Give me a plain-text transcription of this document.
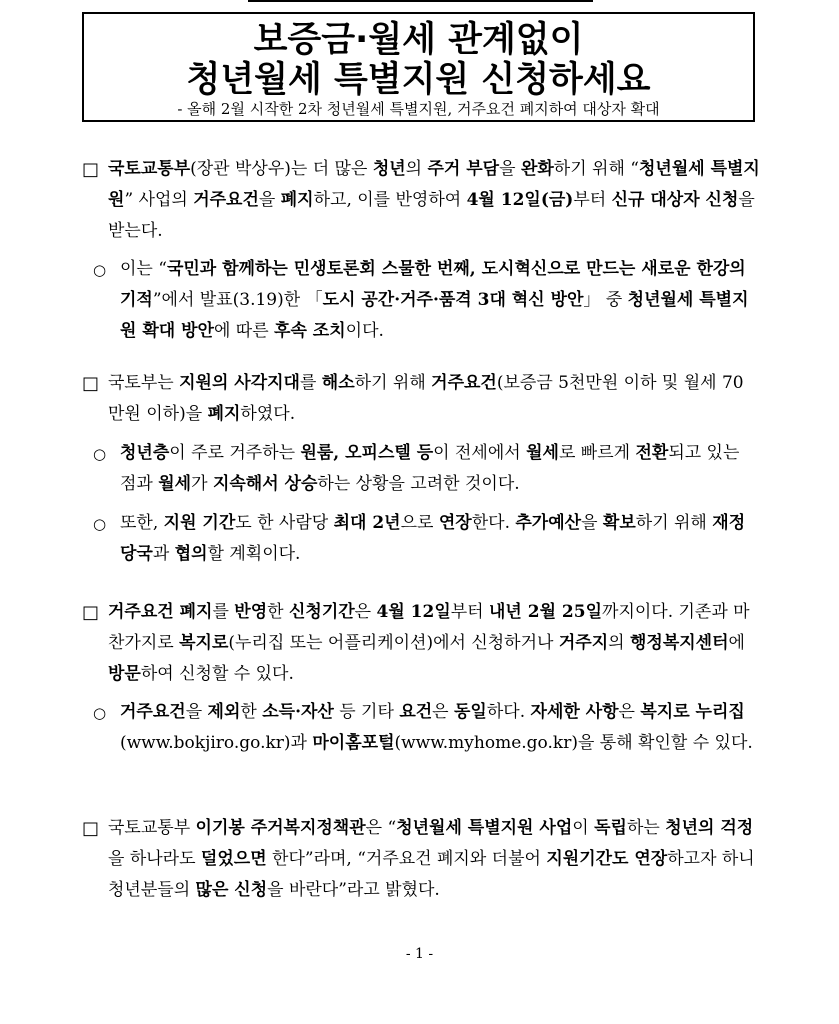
보증금·월세 관계없이
청년월세 특별지원 신청하세요
- 올해 2월 시작한 2차 청년월세 특별지원, 거주요건 폐지하여 대상자 확대
□ 국토교통부(장관 박상우)는 더 많은 청년의 주거 부담을 완화하기 위해 “청년월세 특별지원” 사업의 거주요건을 폐지하고, 이를 반영하여 4월 12일(금)부터 신규 대상자 신청을 받는다.
○ 이는 “국민과 함께하는 민생토론회 스물한 번째, 도시혁신으로 만드는 새로운 한강의 기적”에서 발표(3.19)한 「도시 공간·거주·품격 3대 혁신 방안」 중 청년월세 특별지원 확대 방안에 따른 후속 조치이다.
□ 국토부는 지원의 사각지대를 해소하기 위해 거주요건(보증금 5천만원 이하 및 월세 70만원 이하)을 폐지하였다.
○ 청년층이 주로 거주하는 원룸, 오피스텔 등이 전세에서 월세로 빠르게 전환되고 있는 점과 월세가 지속해서 상승하는 상황을 고려한 것이다.
○ 또한, 지원 기간도 한 사람당 최대 2년으로 연장한다. 추가예산을 확보하기 위해 재정당국과 협의할 계획이다.
□ 거주요건 폐지를 반영한 신청기간은 4월 12일부터 내년 2월 25일까지이다. 기존과 마찬가지로 복지로(누리집 또는 어플리케이션)에서 신청하거나 거주지의 행정복지센터에 방문하여 신청할 수 있다.
○ 거주요건을 제외한 소득·자산 등 기타 요건은 동일하다. 자세한 사항은 복지로 누리집(www.bokjiro.go.kr)과 마이홈포털(www.myhome.go.kr)을 통해 확인할 수 있다.
□ 국토교통부 이기봉 주거복지정책관은 “청년월세 특별지원 사업이 독립하는 청년의 걱정을 하나라도 덜었으면 한다”라며, “거주요건 폐지와 더불어 지원기간도 연장하고자 하니 청년분들의 많은 신청을 바란다”라고 밝혔다.
- 1 -
